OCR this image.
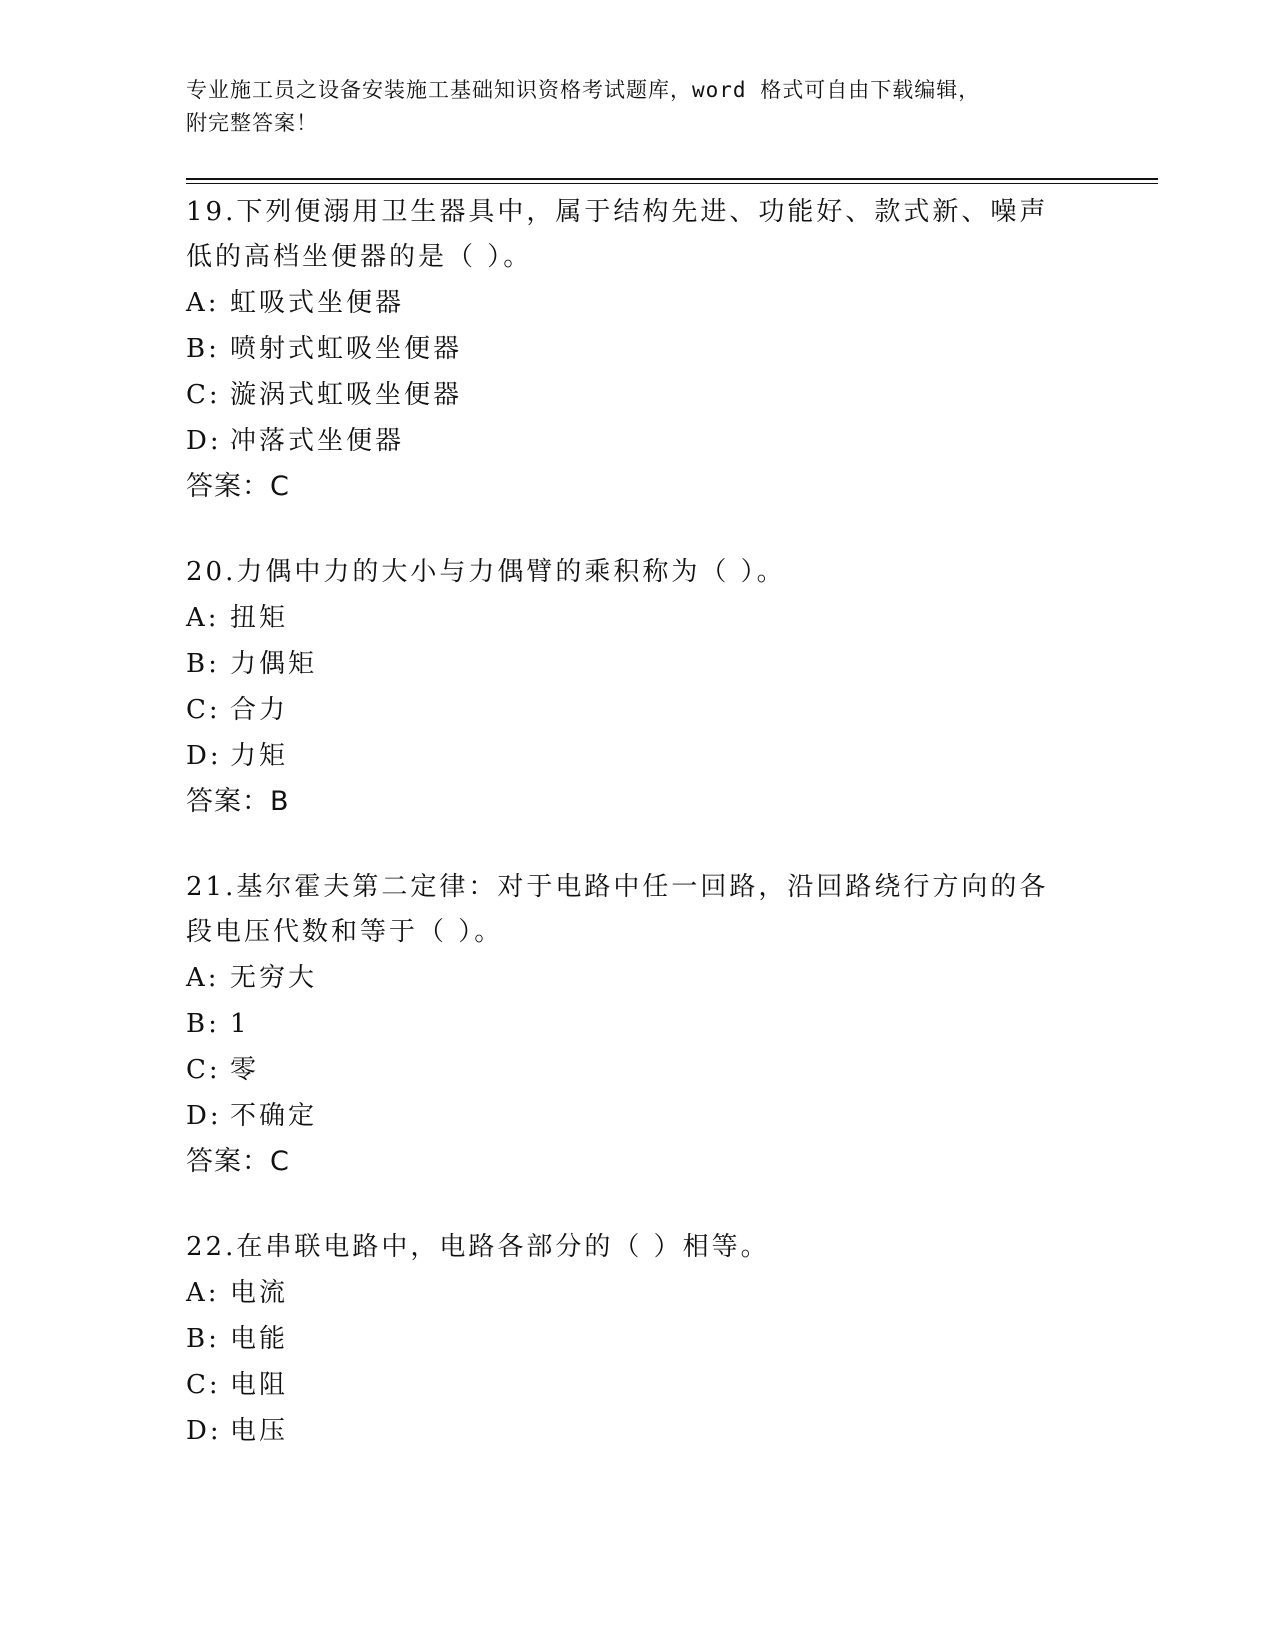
专业施工员之设备安装施工基础知识资格考试题库，word 格式可自由下载编辑，
附完整答案！

19.下列便溺用卫生器具中，属于结构先进、功能好、款式新、噪声低的高档坐便器的是（ ）。

A: 虹吸式坐便器

B: 喷射式虹吸坐便器

C: 漩涡式虹吸坐便器

D: 冲落式坐便器

答案：C

20.力偶中力的大小与力偶臂的乘积称为（ ）。

A: 扭矩

B: 力偶矩

C: 合力

D: 力矩

答案：B

21.基尔霍夫第二定律：对于电路中任一回路，沿回路绕行方向的各段电压代数和等于（ ）。

A: 无穷大

B: 1

C: 零

D: 不确定

答案：C

22.在串联电路中，电路各部分的（ ）相等。

A: 电流

B: 电能

C: 电阻

D: 电压
